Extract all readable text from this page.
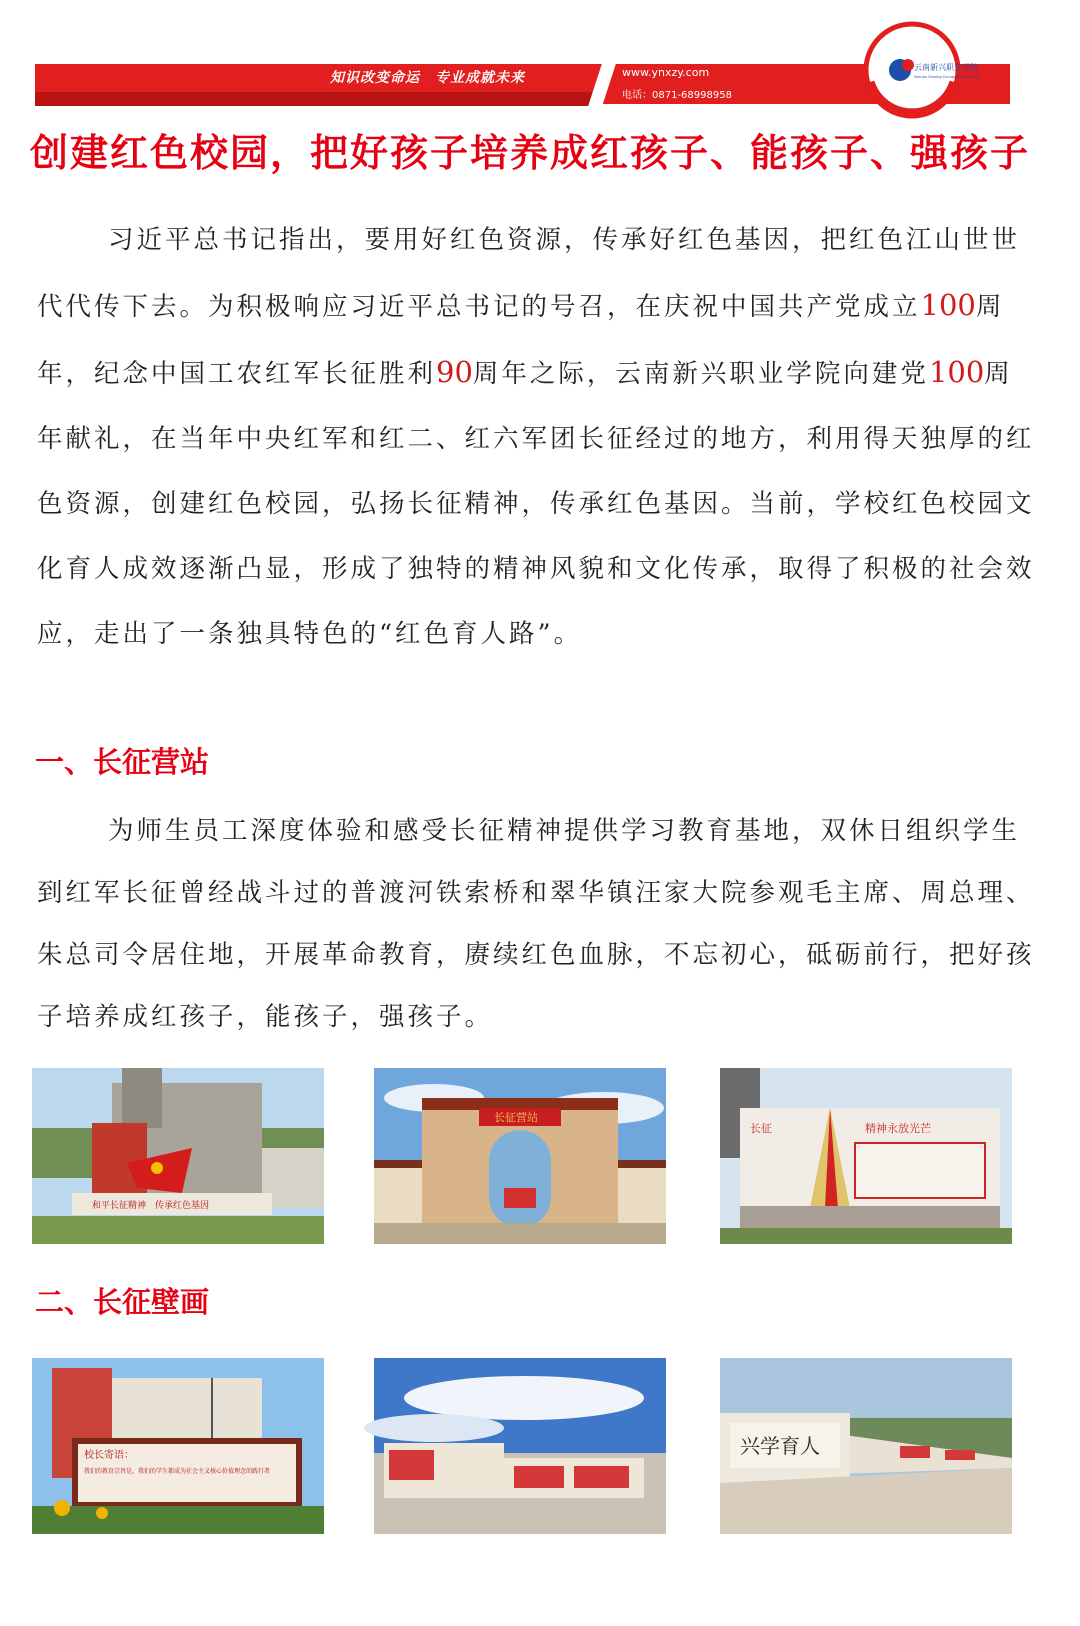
知识改变命运　专业成就未来	www.ynxzy.com
电话：0871-68998958
云南新兴职业学院
Yunnan Xinxing Occupations College
创建红色校园，把好孩子培养成红孩子、能孩子、强孩子

习近平总书记指出，要用好红色资源，传承好红色基因，把红色江山世世代代传下去。为积极响应习近平总书记的号召，在庆祝中国共产党成立100周年，纪念中国工农红军长征胜利90周年之际，云南新兴职业学院向建党100周年献礼，在当年中央红军和红二、红六军团长征经过的地方，利用得天独厚的红色资源，创建红色校园，弘扬长征精神，传承红色基因。当前，学校红色校园文化育人成效逐渐凸显，形成了独特的精神风貌和文化传承，取得了积极的社会效应，走出了一条独具特色的“红色育人路”。

一、长征营站

为师生员工深度体验和感受长征精神提供学习教育基地，双休日组织学生到红军长征曾经战斗过的普渡河铁索桥和翠华镇汪家大院参观毛主席、周总理、朱总司令居住地，开展革命教育，赓续红色血脉，不忘初心，砥砺前行，把好孩子培养成红孩子，能孩子，强孩子。

和平长征精神　传承红色基因
长征营站
长征	精神永放光芒
二、长征壁画
校长寄语：
我们的教育宗旨是，我们的学生都成为社会主义核心价值理念的践行者
兴学育人
